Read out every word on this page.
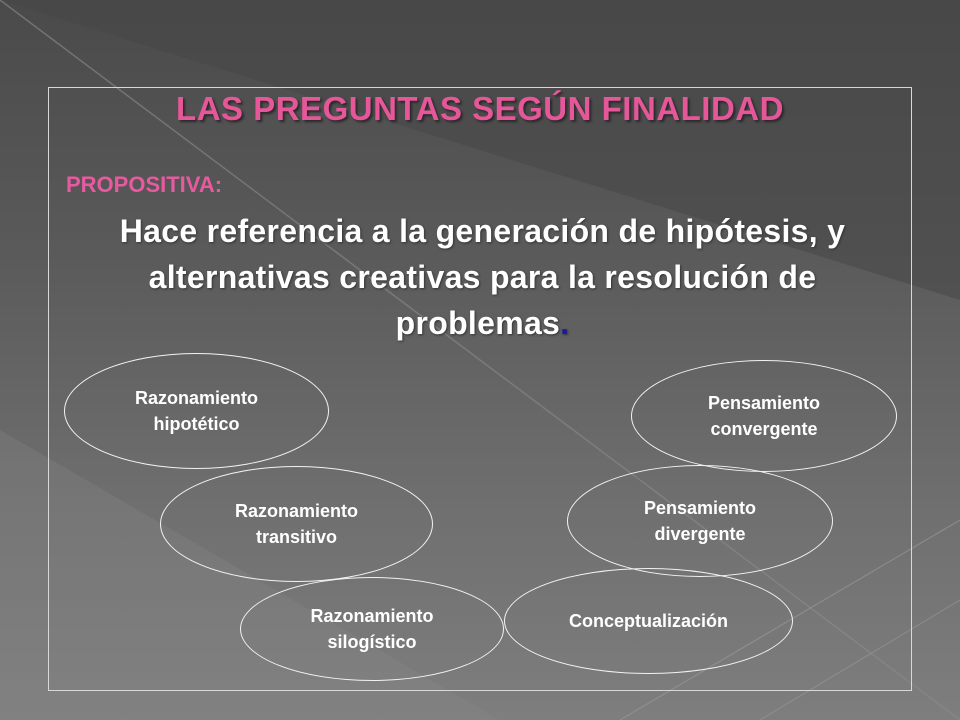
LAS PREGUNTAS SEGÚN FINALIDAD

PROPOSITIVA:

Hace referencia a la generación de hipótesis, y alternativas creativas para la resolución de problemas.

Razonamiento
hipotético
Razonamiento
transitivo
Razonamiento
silogístico
Pensamiento
convergente
Pensamiento
divergente
Conceptualización
